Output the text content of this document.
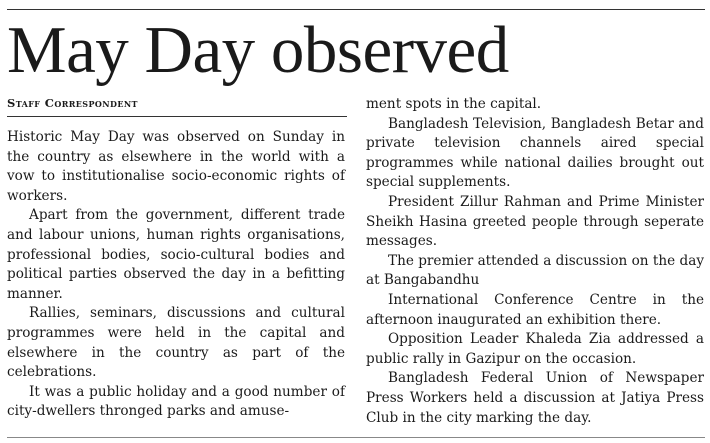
May Day observed
Staff Correspondent

Historic May Day was observed on Sunday in the country as elsewhere in the world with a vow to institutionalise socio-economic rights of workers.

Apart from the government, different trade and labour unions, human rights organisations, professional bodies, socio-cultural bodies and political parties observed the day in a befitting manner.

Rallies, seminars, discussions and cultural programmes were held in the capital and elsewhere in the country as part of the celebrations.

It was a public holiday and a good number of city-dwellers thronged parks and amuse-

ment spots in the capital.

Bangladesh Television, Bangladesh Betar and private television channels aired special programmes while national dailies brought out special supplements.

President Zillur Rahman and Prime Minister Sheikh Hasina greeted people through seperate messages.

The premier attended a discussion on the day at Bangabandhu

International Conference Centre in the afternoon inaugurated an exhibition there.

Opposition Leader Khaleda Zia addressed a public rally in Gazipur on the occasion.

Bangladesh Federal Union of Newspaper Press Workers held a discussion at Jatiya Press Club in the city marking the day.
